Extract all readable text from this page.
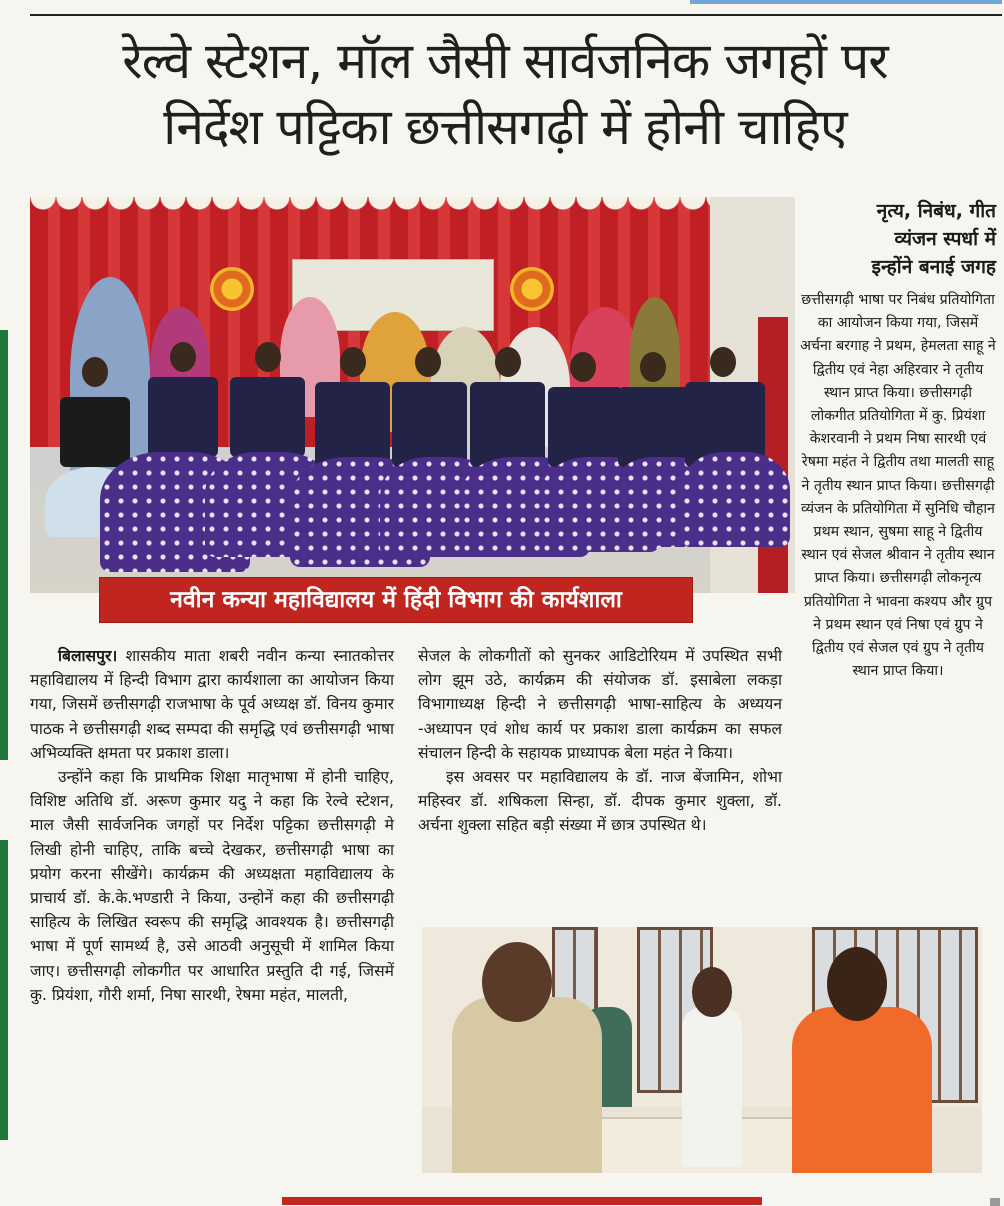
रेल्वे स्टेशन, मॉल जैसी सार्वजनिक जगहों पर
निर्देश पट्टिका छत्तीसगढ़ी में होनी चाहिए
नवीन कन्या महाविद्यालय में हिंदी विभाग की कार्यशाला
नृत्य, निबंध, गीत
व्यंजन स्पर्धा में
इन्होंने बनाई जगह
छत्तीसगढ़ी भाषा पर निबंध प्रतियोगिता का आयोजन किया गया, जिसमें अर्चना बरगाह ने प्रथम, हेमलता साहू ने द्वितीय एवं नेहा अहिरवार ने तृतीय स्थान प्राप्त किया। छत्तीसगढ़ी लोकगीत प्रतियोगिता में कु. प्रियंशा केशरवानी ने प्रथम निषा सारथी एवं रेषमा महंत ने द्वितीय तथा मालती साहू ने तृतीय स्थान प्राप्त किया। छत्तीसगढ़ी व्यंजन के प्रतियोगिता में सुनिधि चौहान प्रथम स्थान, सुषमा साहू ने द्वितीय स्थान एवं सेजल श्रीवान ने तृतीय स्थान प्राप्त किया। छत्तीसगढ़ी लोकनृत्य प्रतियोगिता ने भावना कश्यप और ग्रुप ने प्रथम स्थान एवं निषा एवं ग्रुप ने द्वितीय एवं सेजल एवं ग्रुप ने तृतीय स्थान प्राप्त किया।

बिलासपुर। शासकीय माता शबरी नवीन कन्या स्नातकोत्तर महाविद्यालय में हिन्दी विभाग द्वारा कार्यशाला का आयोजन किया गया, जिसमें छत्तीसगढ़ी राजभाषा के पूर्व अध्यक्ष डॉ. विनय कुमार पाठक ने छत्तीसगढ़ी शब्द सम्पदा की समृद्धि एवं छत्तीसगढ़ी भाषा अभिव्यक्ति क्षमता पर प्रकाश डाला।

उन्होंने कहा कि प्राथमिक शिक्षा मातृभाषा में होनी चाहिए, विशिष्ट अतिथि डॉ. अरूण कुमार यदु ने कहा कि रेल्वे स्टेशन, माल जैसी सार्वजनिक जगहों पर निर्देश पट्टिका छत्तीसगढ़ी मे लिखी होनी चाहिए, ताकि बच्चे देखकर, छत्तीसगढ़ी भाषा का प्रयोग करना सीखेंगे। कार्यक्रम की अध्यक्षता महाविद्यालय के प्राचार्य डॉ. के.के.भण्डारी ने किया, उन्होनें कहा की छत्तीसगढ़ी साहित्य के लिखित स्वरूप की समृद्धि आवश्यक है। छत्तीसगढ़ी भाषा में पूर्ण सामर्थ्य है, उसे आठवी अनुसूची में शामिल किया जाए। छत्तीसगढ़ी लोकगीत पर आधारित प्रस्तुति दी गई, जिसमें कु. प्रियंशा, गौरी शर्मा, निषा सारथी, रेषमा महंत, मालती,

सेजल के लोकगीतों को सुनकर आडिटोरियम में उपस्थित सभी लोग झूम उठे, कार्यक्रम की संयोजक डॉ. इसाबेला लकड़ा विभागाध्यक्ष हिन्दी ने छत्तीसगढ़ी भाषा-साहित्य के अध्ययन -अध्यापन एवं शोध कार्य पर प्रकाश डाला कार्यक्रम का सफल संचालन हिन्दी के सहायक प्राध्यापक बेला महंत ने किया।

इस अवसर पर महाविद्यालय के डॉ. नाज बेंजामिन, शोभा महिस्वर डॉ. शषिकला सिन्हा, डॉ. दीपक कुमार शुक्ला, डॉ. अर्चना शुक्ला सहित बड़ी संख्या में छात्र उपस्थित थे।
